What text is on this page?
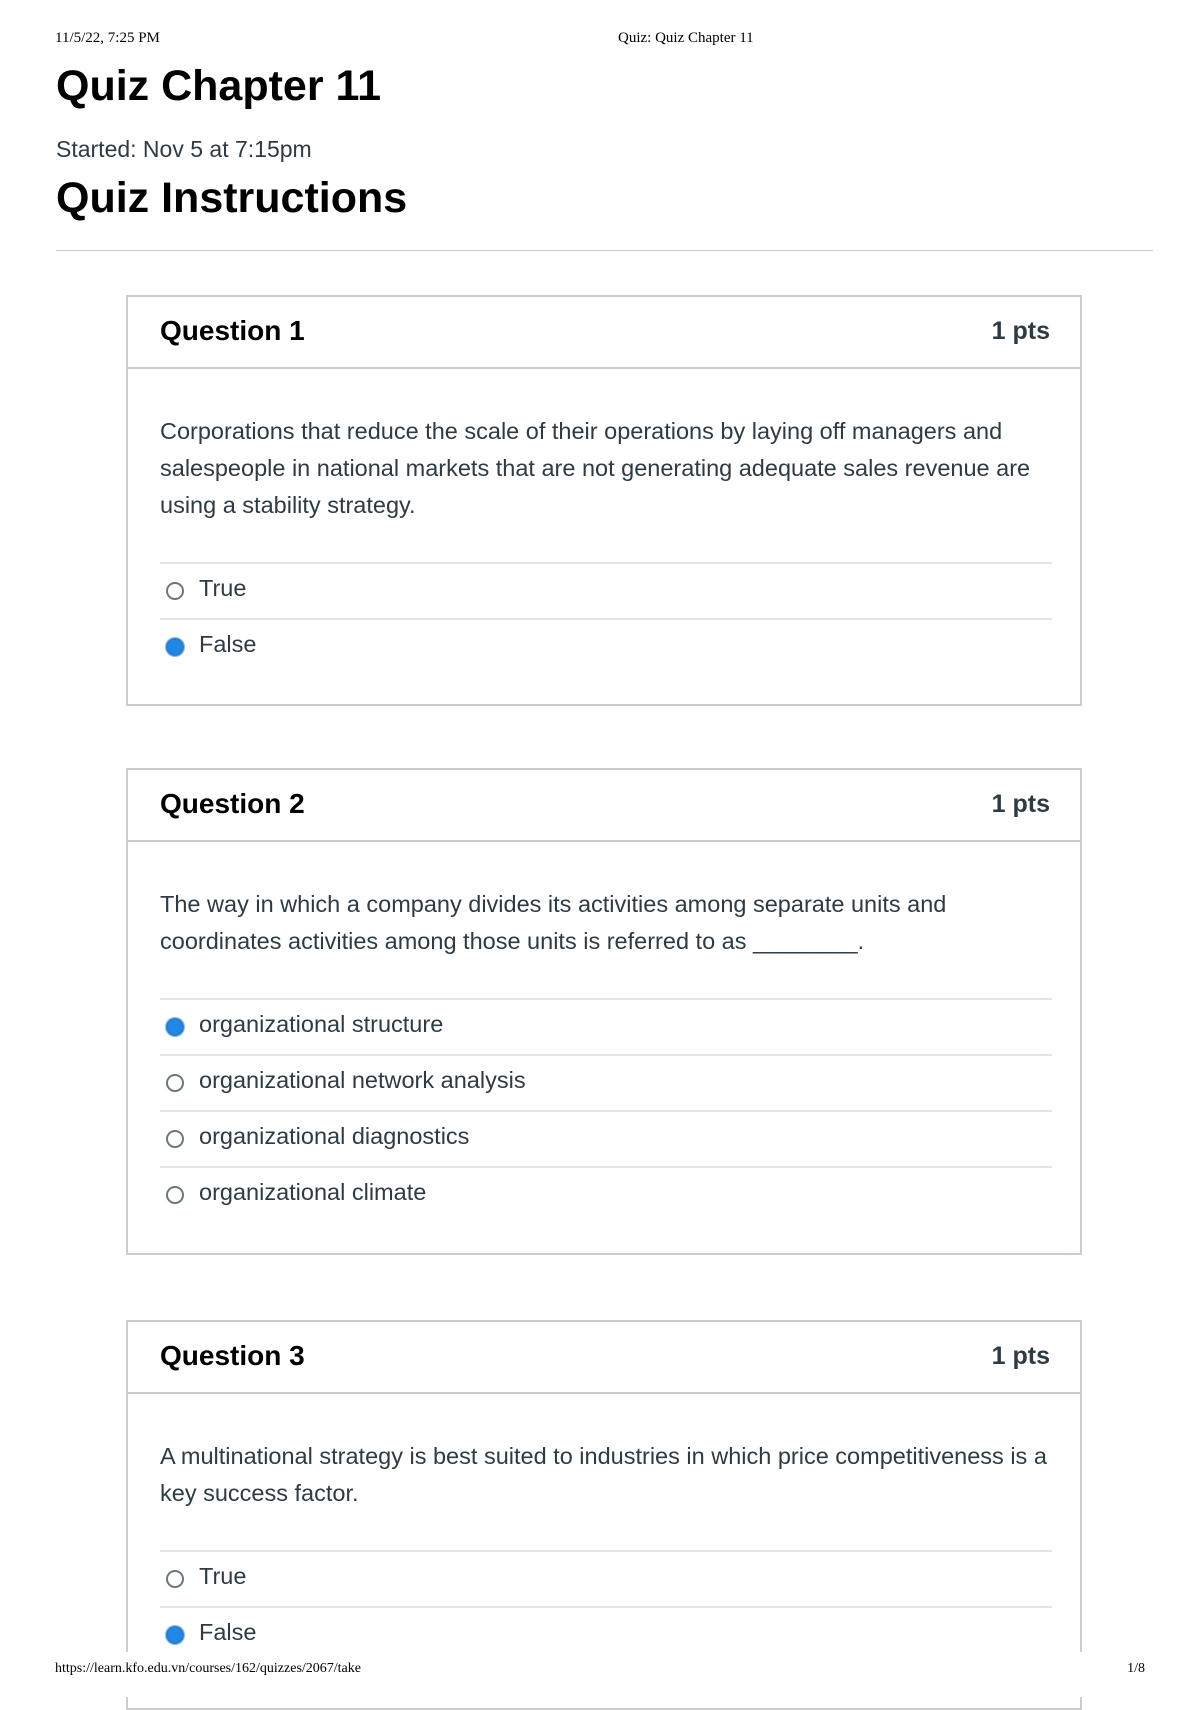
11/5/22, 7:25 PM	Quiz: Quiz Chapter 11
Quiz Chapter 11
Started: Nov 5 at 7:15pm
Quiz Instructions
Question 1	1 pts

Corporations that reduce the scale of their operations by laying off managers and salespeople in national markets that are not generating adequate sales revenue are using a stability strategy.

True
False
Question 2	1 pts

The way in which a company divides its activities among separate units and coordinates activities among those units is referred to as ________.

organizational structure
organizational network analysis
organizational diagnostics
organizational climate
Question 3	1 pts

A multinational strategy is best suited to industries in which price competitiveness is a key success factor.

True
False
https://learn.kfo.edu.vn/courses/162/quizzes/2067/take	1/8
